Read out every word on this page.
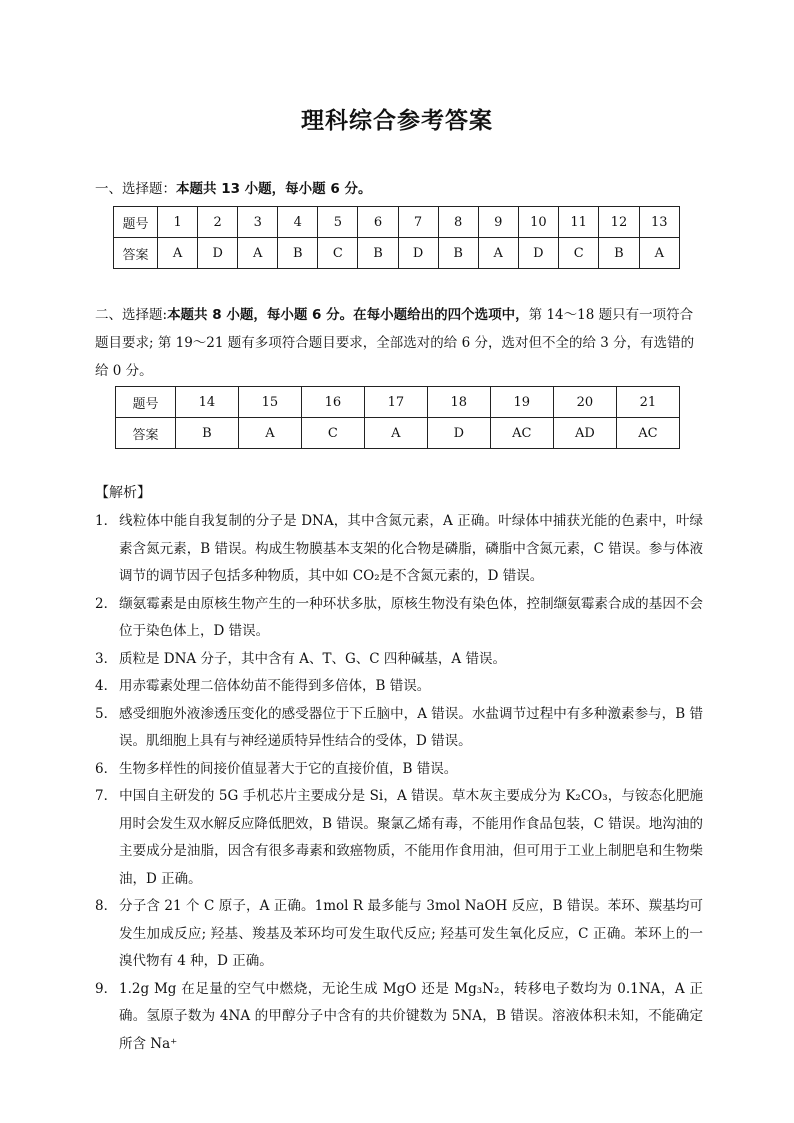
理科综合参考答案
一、选择题：本题共 13 小题，每小题 6 分。
题号	1	2	3	4	5	6	7	8	9	10	11	12	13
答案	A	D	A	B	C	B	D	B	A	D	C	B	A
二、选择题:本题共 8 小题，每小题 6 分。在每小题给出的四个选项中，第 14～18 题只有一项符合题目要求; 第 19～21 题有多项符合题目要求，全部选对的给 6 分，选对但不全的给 3 分，有选错的给 0 分。
题号	14	15	16	17	18	19	20	21
答案	B	A	C	A	D	AC	AD	AC
【解析】

1． 线粒体中能自我复制的分子是 DNA，其中含氮元素，A 正确。叶绿体中捕获光能的色素中，叶绿素含氮元素，B 错误。构成生物膜基本支架的化合物是磷脂，磷脂中含氮元素，C 错误。参与体液调节的调节因子包括多种物质，其中如 CO₂是不含氮元素的，D 错误。

2． 缬氨霉素是由原核生物产生的一种环状多肽，原核生物没有染色体，控制缬氨霉素合成的基因不会位于染色体上，D 错误。

3． 质粒是 DNA 分子，其中含有 A、T、G、C 四种碱基，A 错误。

4． 用赤霉素处理二倍体幼苗不能得到多倍体，B 错误。

5． 感受细胞外液渗透压变化的感受器位于下丘脑中，A 错误。水盐调节过程中有多种激素参与，B 错误。肌细胞上具有与神经递质特异性结合的受体，D 错误。

6． 生物多样性的间接价值显著大于它的直接价值，B 错误。

7． 中国自主研发的 5G 手机芯片主要成分是 Si，A 错误。草木灰主要成分为 K₂CO₃，与铵态化肥施用时会发生双水解反应降低肥效，B 错误。聚氯乙烯有毒，不能用作食品包装，C 错误。地沟油的主要成分是油脂，因含有很多毒素和致癌物质，不能用作食用油，但可用于工业上制肥皂和生物柴油，D 正确。

8． 分子含 21 个 C 原子，A 正确。1mol R 最多能与 3mol NaOH 反应，B 错误。苯环、羰基均可发生加成反应; 羟基、羧基及苯环均可发生取代反应; 羟基可发生氧化反应，C 正确。苯环上的一溴代物有 4 种，D 正确。

9． 1.2g Mg 在足量的空气中燃烧，无论生成 MgO 还是 Mg₃N₂，转移电子数均为 0.1NA，A 正确。氢原子数为 4NA 的甲醇分子中含有的共价键数为 5NA，B 错误。溶液体积未知，不能确定所含 Na⁺
